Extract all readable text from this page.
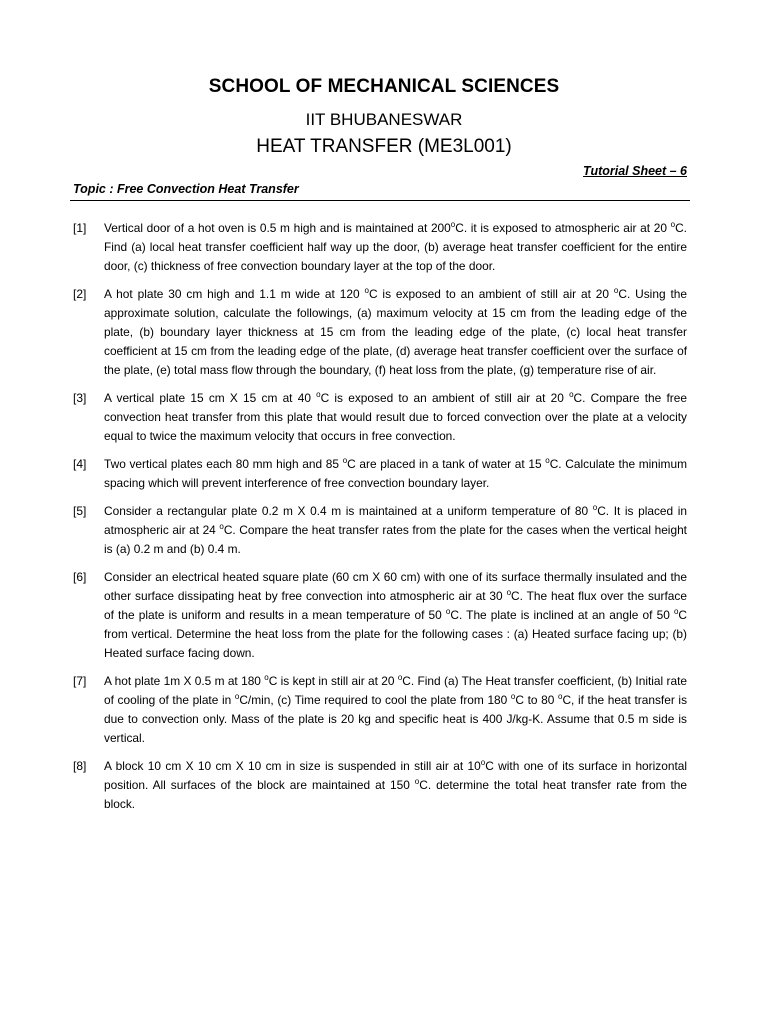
SCHOOL OF MECHANICAL SCIENCES
IIT BHUBANESWAR
HEAT TRANSFER (ME3L001)
Tutorial Sheet – 6
Topic : Free Convection Heat Transfer
[1]	Vertical door of a hot oven is 0.5 m high and is maintained at 200$^o$C. it is exposed to atmospheric air at 20 $^o$C. Find (a) local heat transfer coefficient half way up the door, (b) average heat transfer coefficient for the entire door, (c) thickness of free convection boundary layer at the top of the door.
[2]	A hot plate 30 cm high and 1.1 m wide at 120 $^o$C is exposed to an ambient of still air at 20 $^o$C. Using the approximate solution, calculate the followings, (a) maximum velocity at 15 cm from the leading edge of the plate, (b) boundary layer thickness at 15 cm from the leading edge of the plate, (c) local heat transfer coefficient at 15 cm from the leading edge of the plate, (d) average heat transfer coefficient over the surface of the plate, (e) total mass flow through the boundary, (f) heat loss from the plate, (g) temperature rise of air.
[3]	A vertical plate 15 cm X 15 cm at 40 $^o$C is exposed to an ambient of still air at 20 $^o$C. Compare the free convection heat transfer from this plate that would result due to forced convection over the plate at a velocity equal to twice the maximum velocity that occurs in free convection.
[4]	Two vertical plates each 80 mm high and 85 $^o$C are placed in a tank of water at 15 $^o$C. Calculate the minimum spacing which will prevent interference of free convection boundary layer.
[5]	Consider a rectangular plate 0.2 m X 0.4 m is maintained at a uniform temperature of 80 $^o$C. It is placed in atmospheric air at 24 $^o$C. Compare the heat transfer rates from the plate for the cases when the vertical height is (a) 0.2 m and (b) 0.4 m.
[6]	Consider an electrical heated square plate (60 cm X 60 cm) with one of its surface thermally insulated and the other surface dissipating heat by free convection into atmospheric air at 30 $^o$C. The heat flux over the surface of the plate is uniform and results in a mean temperature of 50 $^o$C. The plate is inclined at an angle of 50 $^o$C from vertical. Determine the heat loss from the plate for the following cases : (a) Heated surface facing up; (b) Heated surface facing down.
[7]	A hot plate 1m X 0.5 m at 180 $^o$C is kept in still air at 20 $^o$C. Find (a) The Heat transfer coefficient, (b) Initial rate of cooling of the plate in $^o$C/min, (c) Time required to cool the plate from 180 $^o$C to 80 $^o$C, if the heat transfer is due to convection only. Mass of the plate is 20 kg and specific heat is 400 J/kg-K. Assume that 0.5 m side is vertical.
[8]	A block 10 cm X 10 cm X 10 cm in size is suspended in still air at 10$^o$C with one of its surface in horizontal position. All surfaces of the block are maintained at 150 $^o$C. determine the total heat transfer rate from the block.
